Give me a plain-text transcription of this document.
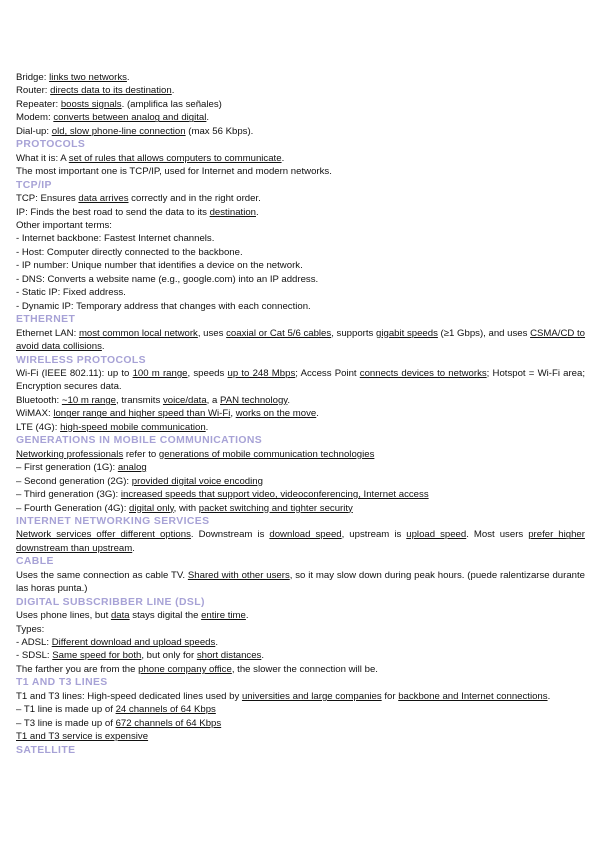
Bridge: links two networks.
Router: directs data to its destination.
Repeater: boosts signals. (amplifica las señales)
Modem: converts between analog and digital.
Dial-up: old, slow phone-line connection (max 56 Kbps).
PROTOCOLS
What it is: A set of rules that allows computers to communicate.
The most important one is TCP/IP, used for Internet and modern networks.
TCP/IP
TCP: Ensures data arrives correctly and in the right order.
IP: Finds the best road to send the data to its destination.
Other important terms:
- Internet backbone: Fastest Internet channels.
- Host: Computer directly connected to the backbone.
- IP number: Unique number that identifies a device on the network.
- DNS: Converts a website name (e.g., google.com) into an IP address.
- Static IP: Fixed address.
- Dynamic IP: Temporary address that changes with each connection.
ETHERNET
Ethernet LAN: most common local network, uses coaxial or Cat 5/6 cables, supports gigabit speeds (≥1 Gbps), and uses CSMA/CD to avoid data collisions.
WIRELESS PROTOCOLS
Wi-Fi (IEEE 802.11): up to 100 m range, speeds up to 248 Mbps; Access Point connects devices to networks; Hotspot = Wi-Fi area; Encryption secures data.
Bluetooth: ~10 m range, transmits voice/data, a PAN technology.
WiMAX: longer range and higher speed than Wi-Fi, works on the move.
LTE (4G): high-speed mobile communication.
GENERATIONS IN MOBILE COMMUNICATIONS
Networking professionals refer to generations of mobile communication technologies
– First generation (1G): analog
– Second generation (2G): provided digital voice encoding
– Third generation (3G): increased speeds that support video, videoconferencing, Internet access
– Fourth Generation (4G): digital only, with packet switching and tighter security
INTERNET NETWORKING SERVICES
Network services offer different options. Downstream is download speed, upstream is upload speed. Most users prefer higher downstream than upstream.
CABLE
Uses the same connection as cable TV. Shared with other users, so it may slow down during peak hours. (puede ralentizarse durante las horas punta.)
DIGITAL SUBSCRIBBER LINE (DSL)
Uses phone lines, but data stays digital the entire time.
Types:
- ADSL: Different download and upload speeds.
- SDSL: Same speed for both, but only for short distances.
The farther you are from the phone company office, the slower the connection will be.
T1 AND T3 LINES
T1 and T3 lines: High-speed dedicated lines used by universities and large companies for backbone and Internet connections.
– T1 line is made up of 24 channels of 64 Kbps
– T3 line is made up of 672 channels of 64 Kbps
T1 and T3 service is expensive
SATELLITE
